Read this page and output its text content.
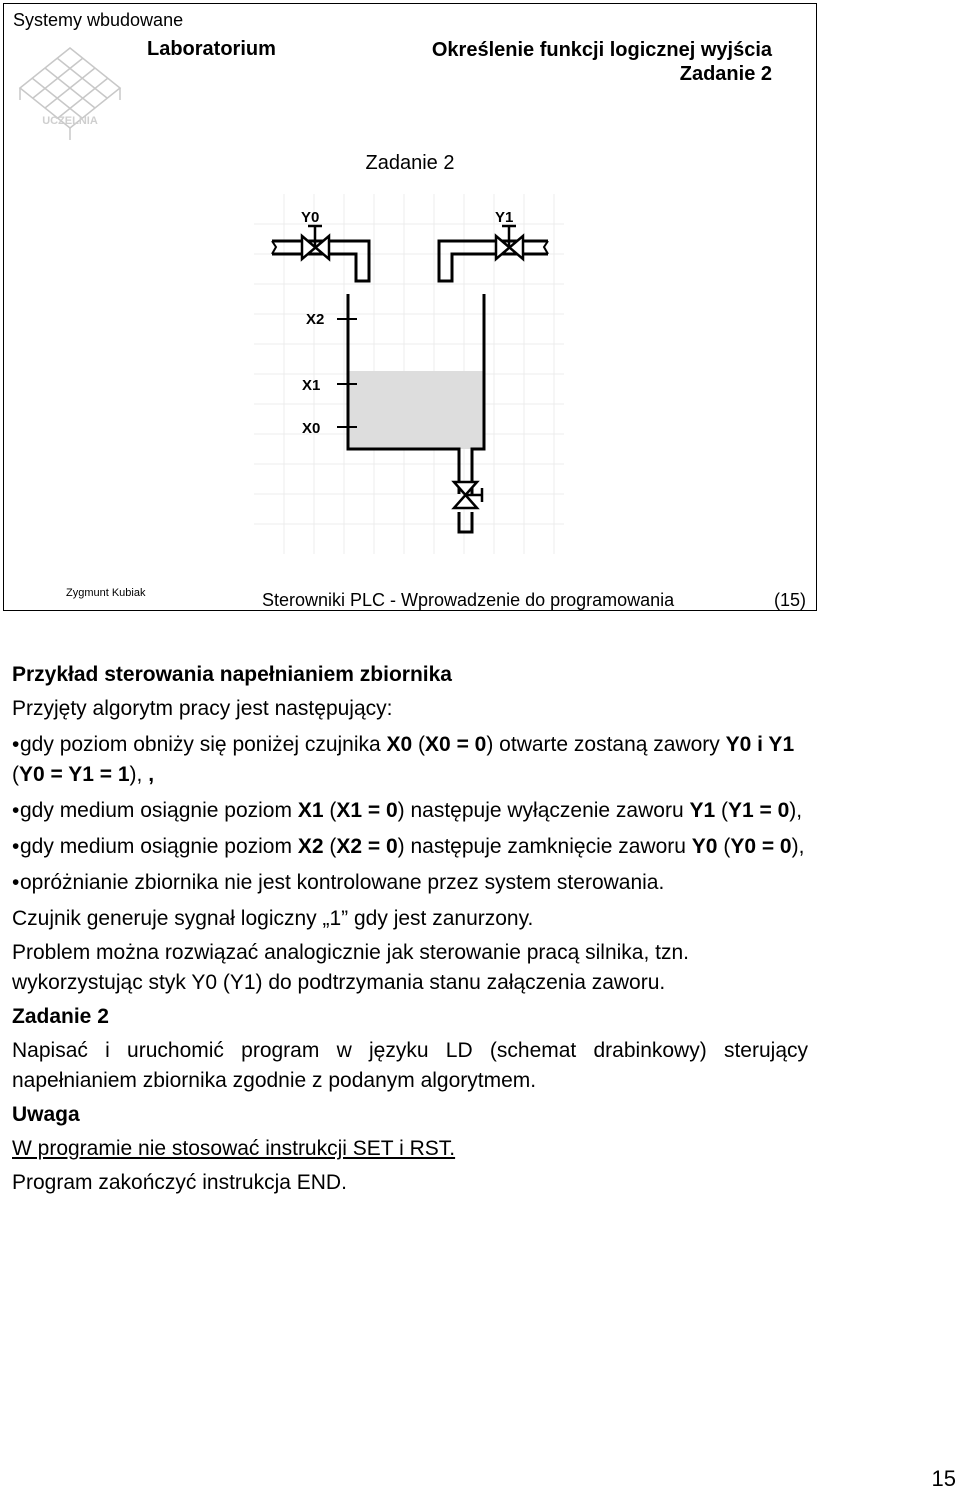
Systemy wbudowane
UCZELNIA
Laboratorium	Określenie funkcji logicznej wyjścia
Zadanie 2
Zadanie 2
Y0	Y1
X2
X1
X0
Zygmunt Kubiak	Sterowniki PLC - Wprowadzenie do programowania	(15)

Przykład sterowania napełnianiem zbiornika

Przyjęty algorytm pracy jest następujący:

•gdy poziom obniży się poniżej czujnika X0 (X0 = 0) otwarte zostaną zawory Y0 i Y1 (Y0 = Y1 = 1), ,

•gdy medium osiągnie poziom X1 (X1 = 0) następuje wyłączenie zaworu Y1 (Y1 = 0),

•gdy medium osiągnie poziom X2 (X2 = 0) następuje zamknięcie zaworu Y0 (Y0 = 0),

•opróżnianie zbiornika nie jest kontrolowane przez system sterowania.

Czujnik generuje sygnał logiczny „1” gdy jest zanurzony.

Problem można rozwiązać analogicznie jak sterowanie pracą silnika, tzn. wykorzystując styk Y0 (Y1) do podtrzymania stanu załączenia zaworu.

Zadanie 2

Napisać i uruchomić program w języku LD (schemat drabinkowy) sterujący napełnianiem zbiornika zgodnie z podanym algorytmem.

Uwaga

W programie nie stosować instrukcji SET i RST.

Program zakończyć instrukcja END.

15
